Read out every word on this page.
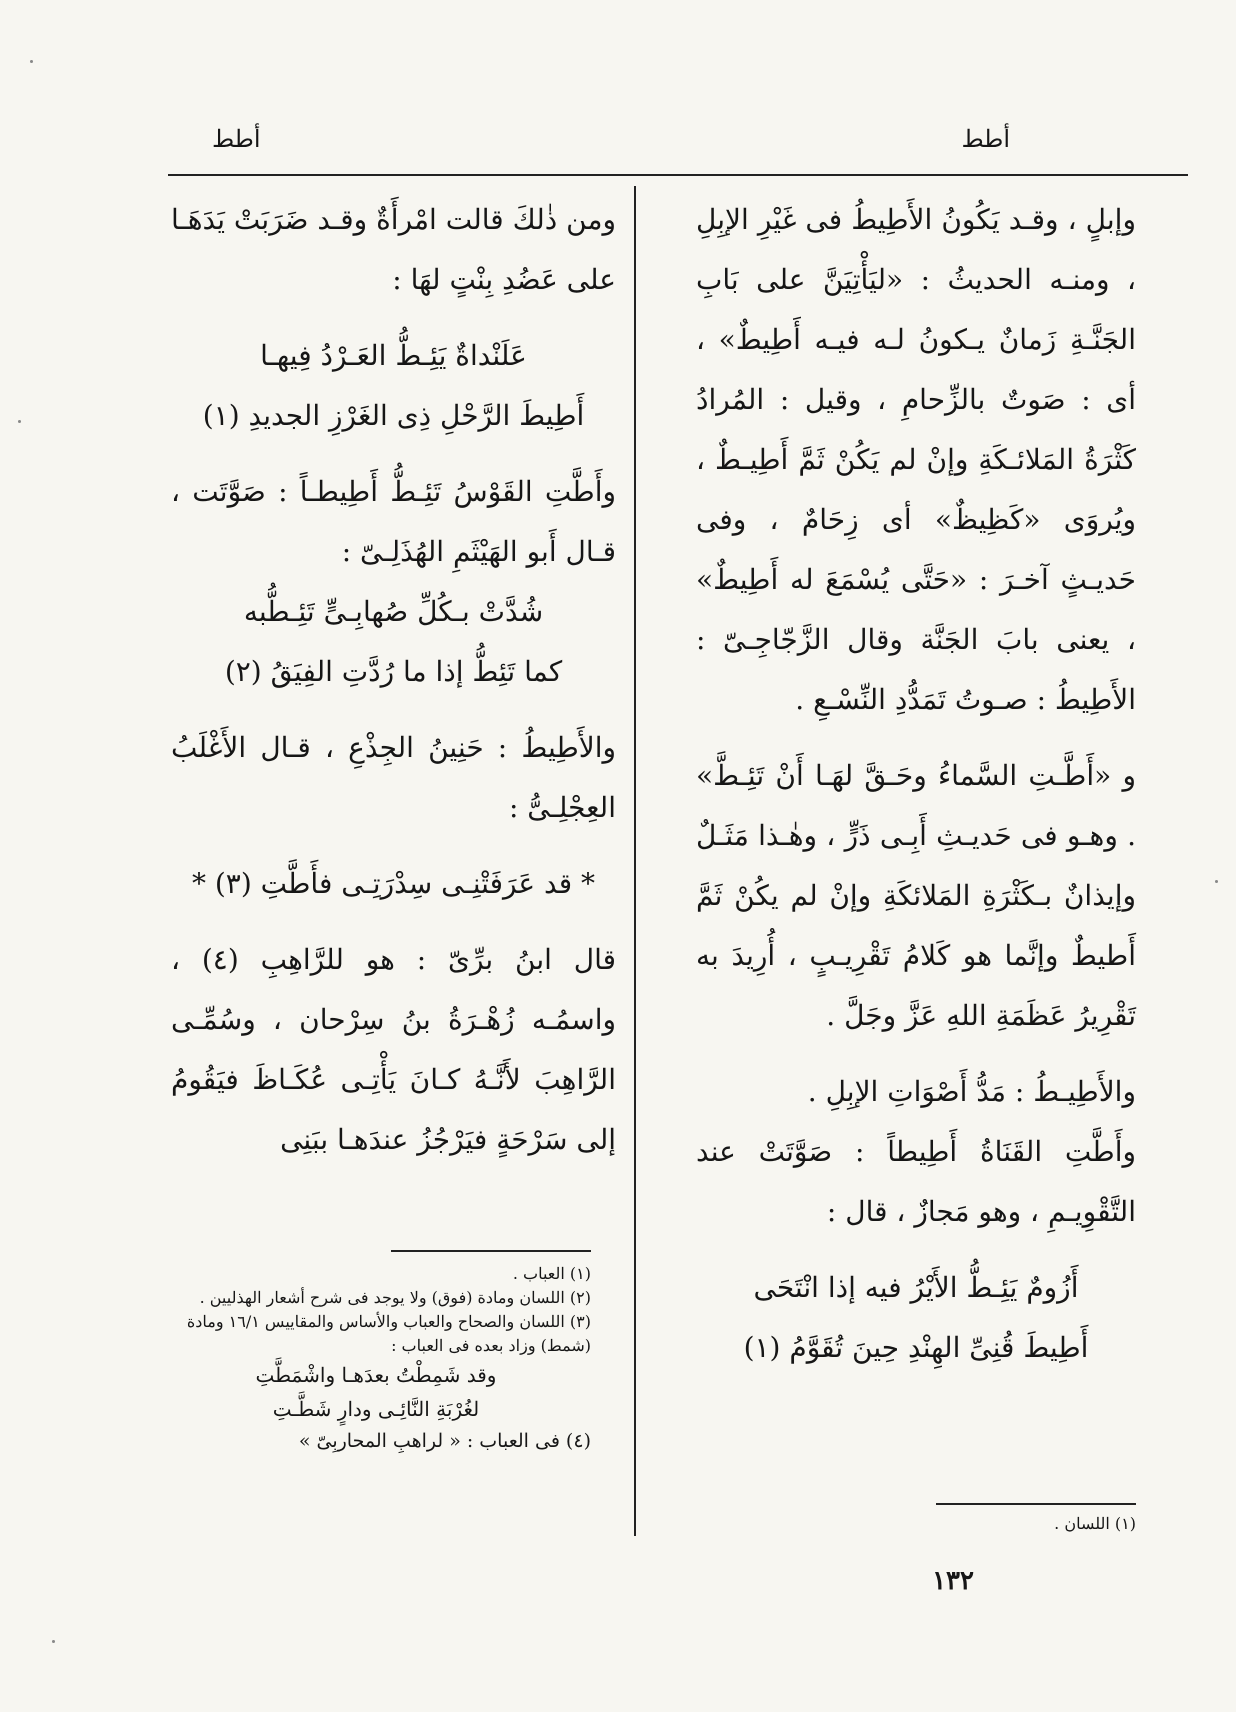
أطط
أطط

وإبلٍ ، وقـد يَكُونُ الأَطِيطُ فى غَيْرِ الإبِلِ ، ومنـه الحديثُ : «ليَأْتِيَنَّ على بَابِ الجَنَّـةِ زَمانٌ يـكونُ لـه فيـه أَطِيطٌ» ، أى : صَوتٌ بالزِّحامِ ، وقيل : المُرادُ كَثْرَةُ المَلائـكَةِ وإنْ لم يَكُنْ ثَمَّ أَطِيـطٌ ، ويُروَى «كَظِيظٌ» أى زِحَامٌ ، وفى حَديـثٍ آخـرَ : «حَتَّى يُسْمَعَ له أَطِيطٌ» ، يعنى بابَ الجَنَّة وقال الزَّجّاجِـىّ : الأَطِيطُ : صـوتُ تَمَدُّدِ النِّسْـعِ .

و «أَطَّـتِ السَّماءُ وحَـقَّ لهَـا أَنْ تَئِـطَّ» . وهـو فى حَديـثِ أَبِـى ذَرٍّ ، وهٰـذا مَثَـلٌ وإيذانٌ بـكَثْرَةِ المَلائكَةِ وإنْ لم يكُنْ ثَمَّ أَطيطٌ وإنَّما هو كَلامُ تَقْرِيـبٍ ، أُرِيدَ به تَقْرِيرُ عَظَمَةِ اللهِ عَزَّ وجَلَّ .

والأَطِيـطُ : مَدُّ أَصْوَاتِ الإبِلِ .

وأَطَّتِ القَنَاةُ أَطِيطاً : صَوَّتَتْ عند التَّقْوِيـمِ ، وهو مَجازٌ ، قال :

أَزُومٌ يَئِـطُّ الأَيْرُ فيه إذا انْتَحَى

أَطِيطَ قُنِىِّ الهِنْدِ حِينَ تُقَوَّمُ (١)

(١) اللسان .

ومن ذٰلكَ قالت امْرأَةٌ وقـد ضَرَبَتْ يَدَهَـا على عَضُدِ بِنْتٍ لهَا :

عَلَنْداةٌ يَئِـطُّ العَـرْدُ فِيهـا

أَطِيطَ الرَّحْلِ ذِى الغَرْزِ الجديدِ (١)

وأَطَّتِ القَوْسُ تَئِـطُّ أَطِيطـاً : صَوَّتَت ، قـال أَبو الهَيْثَمِ الهُذَلِـىّ :

شُدَّتْ بـكُلِّ صُهابِـىٍّ تَئِـطُّبه

كما تَئِطُّ إذا ما رُدَّتِ الفِيَقُ (٢)

والأَطِيطُ : حَنِينُ الجِذْعِ ، قـال الأَغْلَبُ العِجْلِـىُّ :

* قد عَرَفَتْنِـى سِدْرَتِـى فأَطَّتِ (٣) *

قال ابنُ برِّىّ : هو للرَّاهِبِ (٤) ، واسمُـه زُهْـرَةُ بنُ سِرْحان ، وسُمِّـى الرَّاهِبَ لأَنَّـهُ كـانَ يَأْتِـى عُكَـاظَ فيَقُومُ إلى سَرْحَةٍ فيَرْجُزُ عندَهـا ببَنِى

(١) العباب .

(٢) اللسان ومادة (فوق) ولا يوجد فى شرح أشعار الهذليين .

(٣) اللسان والصحاح والعباب والأساس والمقاييس ١٦/١ ومادة (شمط) وزاد بعده فى العباب :

وقد شَمِطْتُ بعدَهـا واشْمَطَّتِ

لغُرْبَةِ النَّائِـى ودارٍ شَطَّـتِ

(٤) فى العباب : « لراهبِ المحاربِىّ »

١٣٢
